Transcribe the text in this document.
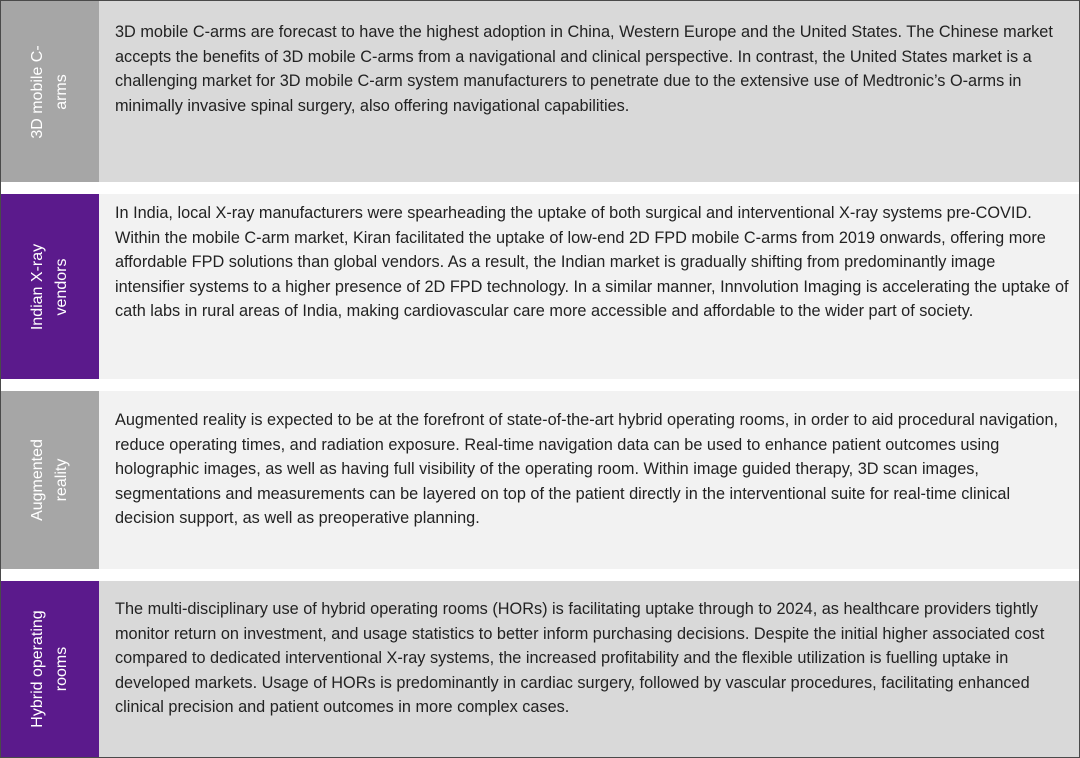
3D mobile C-
arms

3D mobile C-arms are forecast to have the highest adoption in China, Western Europe and the United States. The Chinese market accepts the benefits of 3D mobile C-arms from a navigational and clinical perspective. In contrast, the United States market is a challenging market for 3D mobile C-arm system manufacturers to penetrate due to the extensive use of Medtronic’s O-arms in minimally invasive spinal surgery, also offering navigational capabilities.

Indian X-ray
vendors

In India, local X-ray manufacturers were spearheading the uptake of both surgical and interventional X-ray systems pre-COVID. Within the mobile C-arm market, Kiran facilitated the uptake of low-end 2D FPD mobile C-arms from 2019 onwards, offering more affordable FPD solutions than global vendors. As a result, the Indian market is gradually shifting from predominantly image intensifier systems to a higher presence of 2D FPD technology. In a similar manner, Innvolution Imaging is accelerating the uptake of cath labs in rural areas of India, making cardiovascular care more accessible and affordable to the wider part of society.

Augmented
reality

Augmented reality is expected to be at the forefront of state-of-the-art hybrid operating rooms, in order to aid procedural navigation, reduce operating times, and radiation exposure. Real-time navigation data can be used to enhance patient outcomes using holographic images, as well as having full visibility of the operating room. Within image guided therapy, 3D scan images, segmentations and measurements can be layered on top of the patient directly in the interventional suite for real-time clinical decision support, as well as preoperative planning.

Hybrid operating
rooms

The multi-disciplinary use of hybrid operating rooms (HORs) is facilitating uptake through to 2024, as healthcare providers tightly monitor return on investment, and usage statistics to better inform purchasing decisions. Despite the initial higher associated cost compared to dedicated interventional X-ray systems, the increased profitability and the flexible utilization is fuelling uptake in developed markets. Usage of HORs is predominantly in cardiac surgery, followed by vascular procedures, facilitating enhanced clinical precision and patient outcomes in more complex cases.
